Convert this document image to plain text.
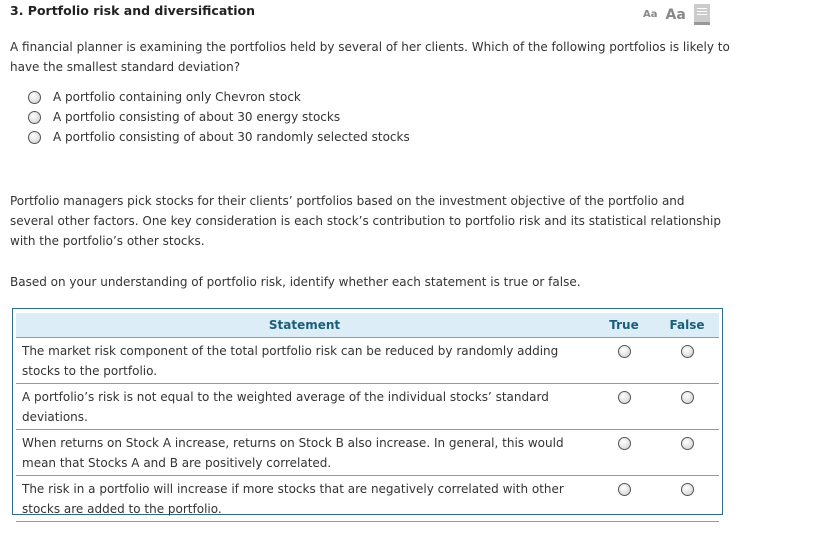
3. Portfolio risk and diversification	Aa Aa

A financial planner is examining the portfolios held by several of her clients. Which of the following portfolios is likely to have the smallest standard deviation?

A portfolio containing only Chevron stock
A portfolio consisting of about 30 energy stocks
A portfolio consisting of about 30 randomly selected stocks

Portfolio managers pick stocks for their clients’ portfolios based on the investment objective of the portfolio and several other factors. One key consideration is each stock’s contribution to portfolio risk and its statistical relationship with the portfolio’s other stocks.

Based on your understanding of portfolio risk, identify whether each statement is true or false.

Statement	True	False
The market risk component of the total portfolio risk can be reduced by randomly adding stocks to the portfolio.		
A portfolio’s risk is not equal to the weighted average of the individual stocks’ standard deviations.		
When returns on Stock A increase, returns on Stock B also increase. In general, this would mean that Stocks A and B are positively correlated.		
The risk in a portfolio will increase if more stocks that are negatively correlated with other stocks are added to the portfolio.		
